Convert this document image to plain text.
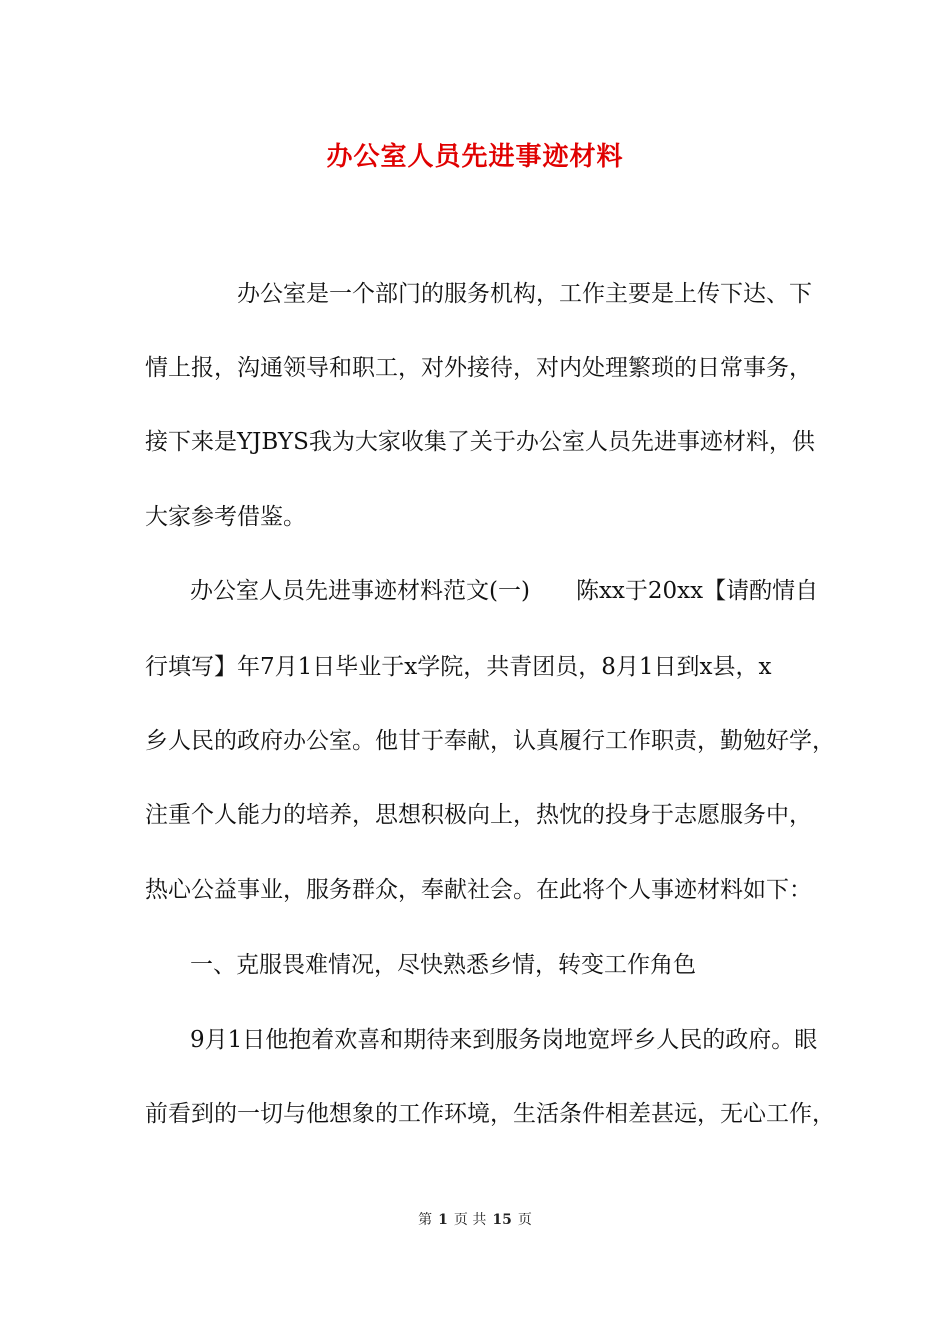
办公室人员先进事迹材料
办公室是一个部门的服务机构，工作主要是上传下达、下
情上报，沟通领导和职工，对外接待，对内处理繁琐的日常事务，
接下来是YJBYS我为大家收集了关于办公室人员先进事迹材料，供
大家参考借鉴。
办公室人员先进事迹材料范文(一)　　陈xx于20xx【请酌情自
行填写】年7月1日毕业于x学院，共青团员，8月1日到x县，x
乡人民的政府办公室。他甘于奉献，认真履行工作职责，勤勉好学，
注重个人能力的培养，思想积极向上，热忱的投身于志愿服务中，
热心公益事业，服务群众，奉献社会。在此将个人事迹材料如下：
一、克服畏难情况，尽快熟悉乡情，转变工作角色
9月1日他抱着欢喜和期待来到服务岗地宽坪乡人民的政府。眼
前看到的一切与他想象的工作环境，生活条件相差甚远，无心工作，
第 1 页 共 15 页
